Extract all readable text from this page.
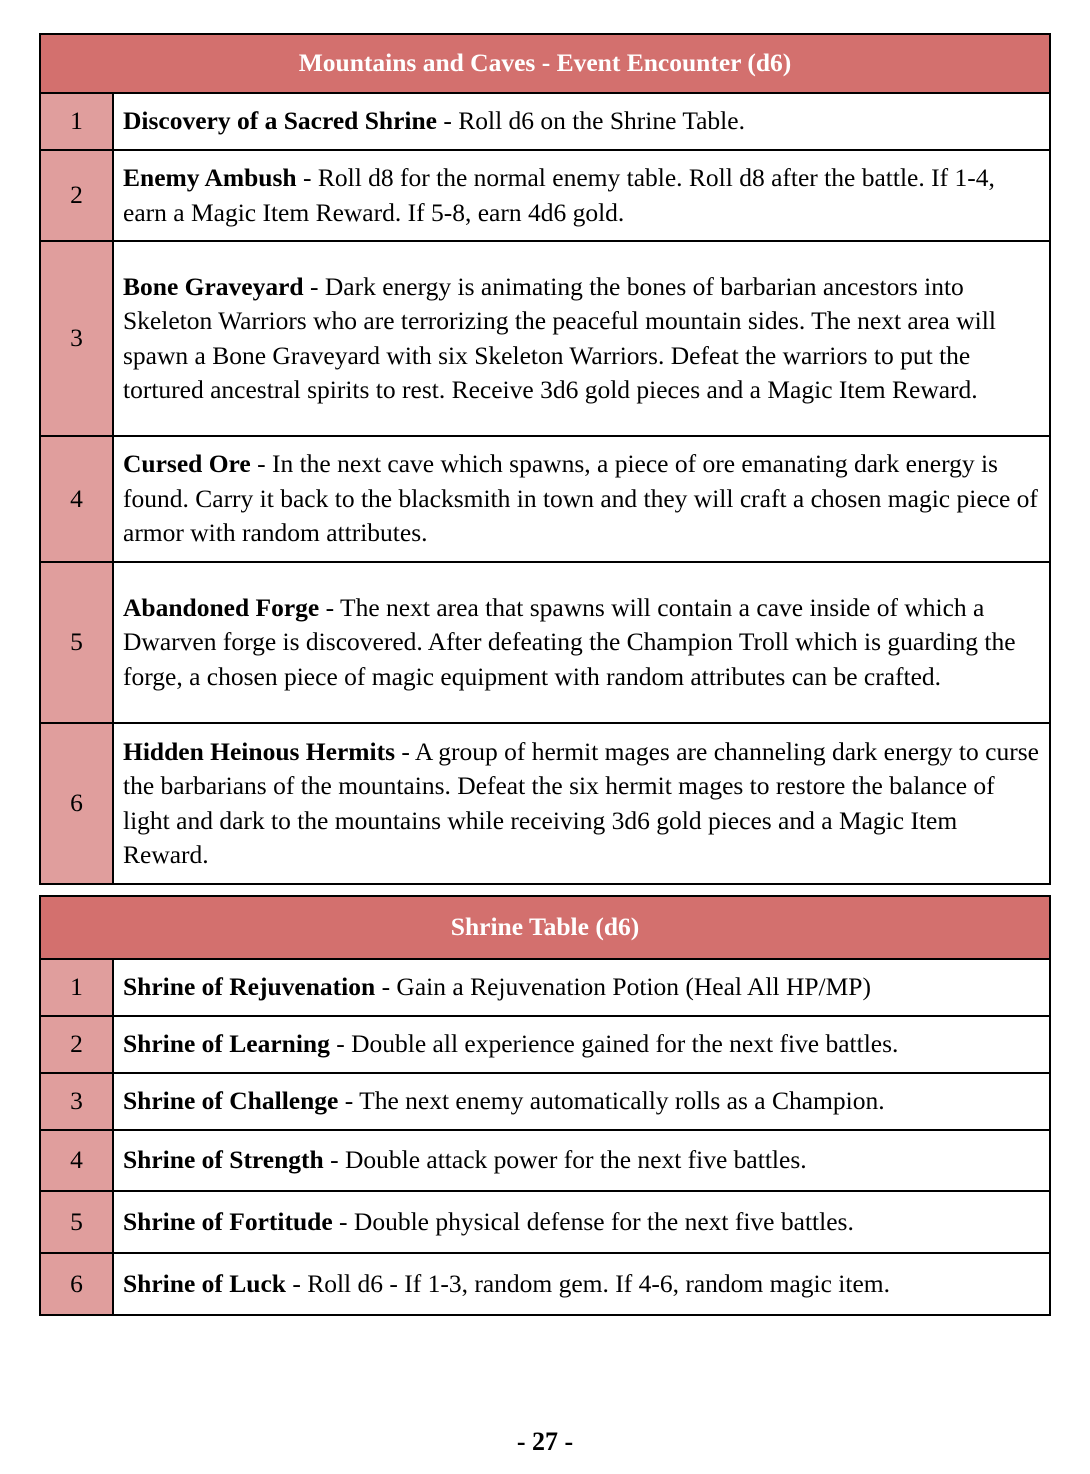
Mountains and Caves - Event Encounter (d6)	
1	Discovery of a Sacred Shrine - Roll d6 on the Shrine Table.
2	Enemy Ambush - Roll d8 for the normal enemy table. Roll d8 after the battle. If 1-4, earn a Magic Item Reward. If 5-8, earn 4d6 gold.
3	Bone Graveyard - Dark energy is animating the bones of barbarian ancestors into Skeleton Warriors who are terrorizing the peaceful mountain sides. The next area will spawn a Bone Graveyard with six Skeleton Warriors. Defeat the warriors to put the tortured ancestral spirits to rest. Receive 3d6 gold pieces and a Magic Item Reward.
4	Cursed Ore - In the next cave which spawns, a piece of ore emanating dark energy is found. Carry it back to the blacksmith in town and they will craft a chosen magic piece of armor with random attributes.
5	Abandoned Forge - The next area that spawns will contain a cave inside of which a Dwarven forge is discovered. After defeating the Champion Troll which is guarding the forge, a chosen piece of magic equipment with random attributes can be crafted.
6	Hidden Heinous Hermits - A group of hermit mages are channeling dark energy to curse the barbarians of the mountains. Defeat the six hermit mages to restore the balance of light and dark to the mountains while receiving 3d6 gold pieces and a Magic Item Reward.
Shrine Table (d6)	
1	Shrine of Rejuvenation - Gain a Rejuvenation Potion (Heal All HP/MP)
2	Shrine of Learning - Double all experience gained for the next five battles.
3	Shrine of Challenge - The next enemy automatically rolls as a Champion.
4	Shrine of Strength - Double attack power for the next five battles.
5	Shrine of Fortitude - Double physical defense for the next five battles.
6	Shrine of Luck - Roll d6 - If 1-3, random gem. If 4-6, random magic item.
- 27 -
